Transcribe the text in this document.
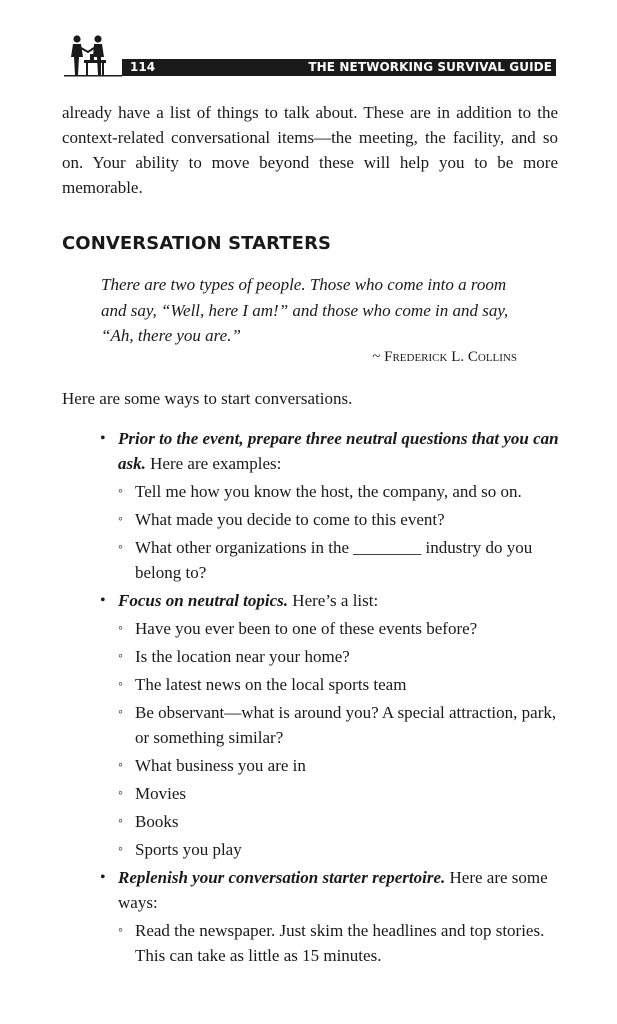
114	THE NETWORKING SURVIVAL GUIDE
already have a list of things to talk about. These are in addition to the context-related conversational items—the meeting, the facility, and so on. Your ability to move beyond these will help you to be more memorable.
CONVERSATION STARTERS
There are two types of people. Those who come into a room and say, “Well, here I am!” and those who come in and say, “Ah, there you are.”
~ Frederick L. Collins
Here are some ways to start conversations.
• Prior to the event, prepare three neutral questions that you can ask. Here are examples:
◦ Tell me how you know the host, the company, and so on.
◦ What made you decide to come to this event?
◦ What other organizations in the ________ industry do you belong to?
• Focus on neutral topics. Here’s a list:
◦ Have you ever been to one of these events before?
◦ Is the location near your home?
◦ The latest news on the local sports team
◦ Be observant—what is around you? A special attraction, park, or something similar?
◦ What business you are in
◦ Movies
◦ Books
◦ Sports you play
• Replenish your conversation starter repertoire. Here are some ways:
◦ Read the newspaper. Just skim the headlines and top stories. This can take as little as 15 minutes.
